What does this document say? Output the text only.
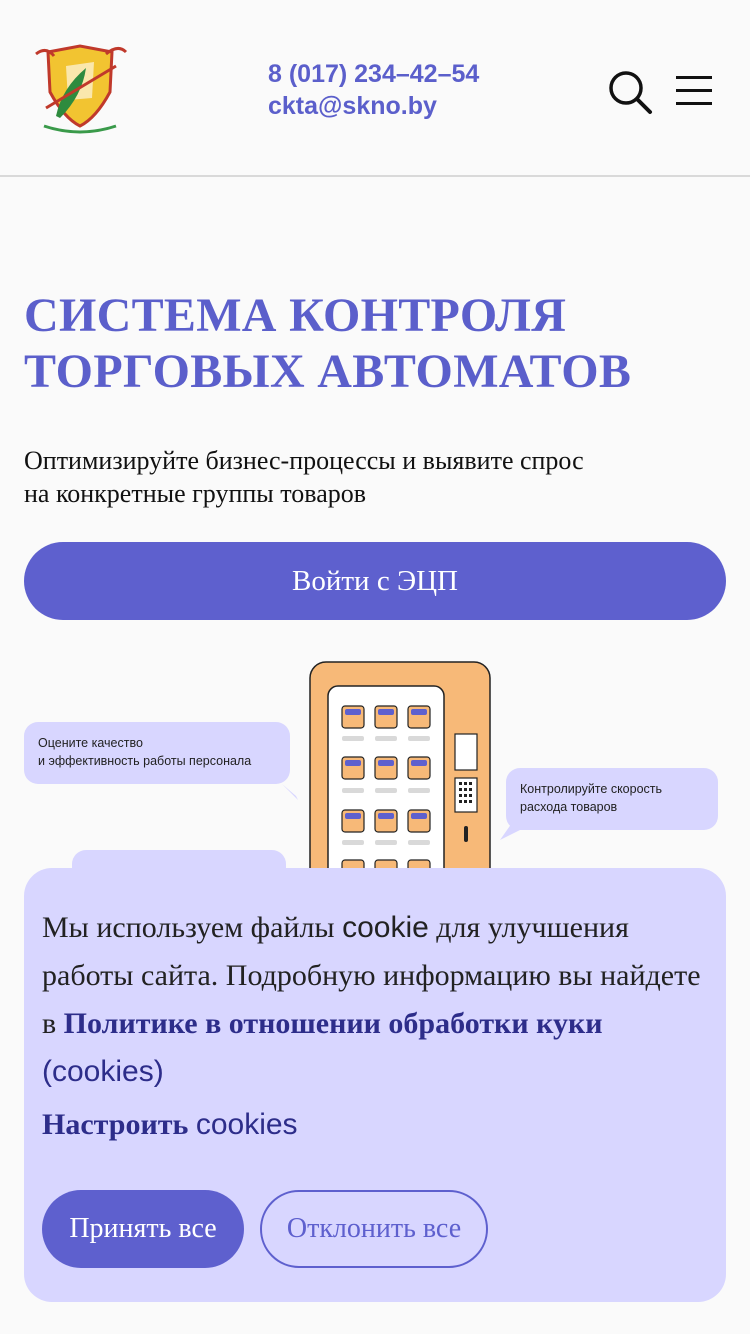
8 (017) 234–42–54
ckta@skno.by
СИСТЕМА КОНТРОЛЯ
ТОРГОВЫХ АВТОМАТОВ

Оптимизируйте бизнес-процессы и выявите спрос
на конкретные группы товаров

Войти с ЭЦП
Оцените качество
и эффективность работы персонала
Контролируйте скорость
расхода товаров

Мы используем файлы cookie для улучшения работы сайта. Подробную информацию вы найдете в Политике в отношении обработки куки (cookies)

Настроить cookies
Принять все	Отклонить все
